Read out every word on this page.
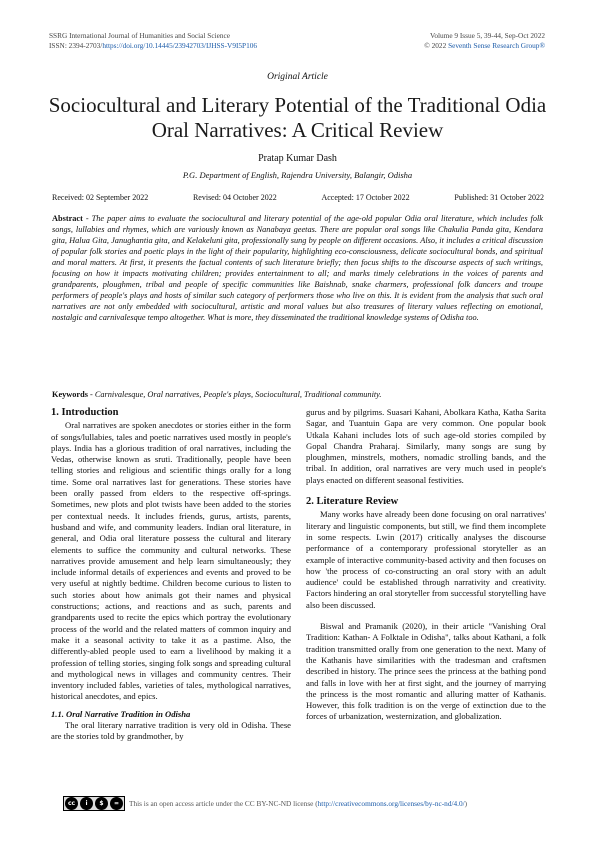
SSRG International Journal of Humanities and Social Science
ISSN: 2394-2703/https://doi.org/10.14445/23942703/IJHSS-V9I5P106
Volume 9 Issue 5, 39-44, Sep-Oct 2022
© 2022 Seventh Sense Research Group®
Original Article
Sociocultural and Literary Potential of the Traditional Odia Oral Narratives: A Critical Review
Pratap Kumar Dash
P.G. Department of English, Rajendra University, Balangir, Odisha
Received: 02 September 2022	Revised: 04 October 2022	Accepted: 17 October 2022	Published: 31 October 2022
Abstract - The paper aims to evaluate the sociocultural and literary potential of the age-old popular Odia oral literature, which includes folk songs, lullabies and rhymes, which are variously known as Nanabaya geetas. There are popular oral songs like Chakulia Panda gita, Kendara gita, Halua Gita, Janughantia gita, and Kelakeluni gita, professionally sung by people on different occasions. Also, it includes a critical discussion of popular folk stories and poetic plays in the light of their popularity, highlighting eco-consciousness, delicate sociocultural bonds, and spiritual and moral matters. At first, it presents the factual contents of such literature briefly; then focus shifts to the discourse aspects of such writings, focusing on how it impacts motivating children; provides entertainment to all; and marks timely celebrations in the voices of parents and grandparents, ploughmen, tribal and people of specific communities like Baishnab, snake charmers, professional folk dancers and troupe performers of people's plays and hosts of similar such category of performers those who live on this. It is evident from the analysis that such oral narratives are not only embedded with sociocultural, artistic and moral values but also treasures of literary values reflecting on emotional, nostalgic and carnivalesque tempo altogether. What is more, they disseminated the traditional knowledge systems of Odisha too.
Keywords - Carnivalesque, Oral narratives, People's plays, Sociocultural, Traditional community.
1. Introduction

Oral narratives are spoken anecdotes or stories either in the form of songs/lullabies, tales and poetic narratives used mostly in people's plays. India has a glorious tradition of oral narratives, including the Vedas, otherwise known as sruti. Traditionally, people have been telling stories and religious and scientific things orally for a long time. Some oral narratives last for generations. These stories have been orally passed from elders to the respective off-springs. Sometimes, new plots and plot twists have been added to the stories per contextual needs. It includes friends, gurus, artists, parents, husband and wife, and community leaders. Indian oral literature, in general, and Odia oral literature possess the cultural and literary elements to suffice the community and cultural networks. These narratives provide amusement and help learn simultaneously; they include informal details of experiences and events and proved to be very useful at nightly bedtime. Children become curious to listen to such stories about how animals got their names and physical constructions; actions, and reactions and as such, parents and grandparents used to recite the epics which portray the evolutionary process of the world and the related matters of common inquiry and make it a seasonal activity to take it as a pastime. Also, the differently-abled people used to earn a livelihood by making it a profession of telling stories, singing folk songs and spreading cultural and mythological news in villages and community centres. Their inventory included fables, varieties of tales, mythological narratives, historical anecdotes, and epics.

1.1. Oral Narrative Tradition in Odisha

The oral literary narrative tradition is very old in Odisha. These are the stories told by grandmother, by

gurus and by pilgrims. Suasari Kahani, Abolkara Katha, Katha Sarita Sagar, and Tuantuin Gapa are very common. One popular book Utkala Kahani includes lots of such age-old stories compiled by Gopal Chandra Praharaj. Similarly, many songs are sung by ploughmen, minstrels, mothers, nomadic strolling bands, and the tribal. In addition, oral narratives are very much used in people's plays enacted on different seasonal festivities.

2. Literature Review

Many works have already been done focusing on oral narratives' literary and linguistic components, but still, we find them incomplete in some respects. Lwin (2017) critically analyses the discourse performance of a contemporary professional storyteller as an example of interactive community-based activity and then focuses on how 'the process of co-constructing an oral story with an adult audience' could be established through narrativity and creativity. Factors hindering an oral storyteller from successful storytelling have also been discussed.

Biswal and Pramanik (2020), in their article "Vanishing Oral Tradition: Kathan- A Folktale in Odisha", talks about Kathani, a folk tradition transmitted orally from one generation to the next. Many of the Kathanis have similarities with the tradesman and craftsmen described in history. The prince sees the princess at the bathing pond and falls in love with her at first sight, and the journey of marrying the princess is the most romantic and alluring matter of Kathanis. However, this folk tradition is on the verge of extinction due to the forces of urbanization, westernization, and globalization.

cc	i	$	=	This is an open access article under the CC BY-NC-ND license (http://creativecommons.org/licenses/by-nc-nd/4.0/)
